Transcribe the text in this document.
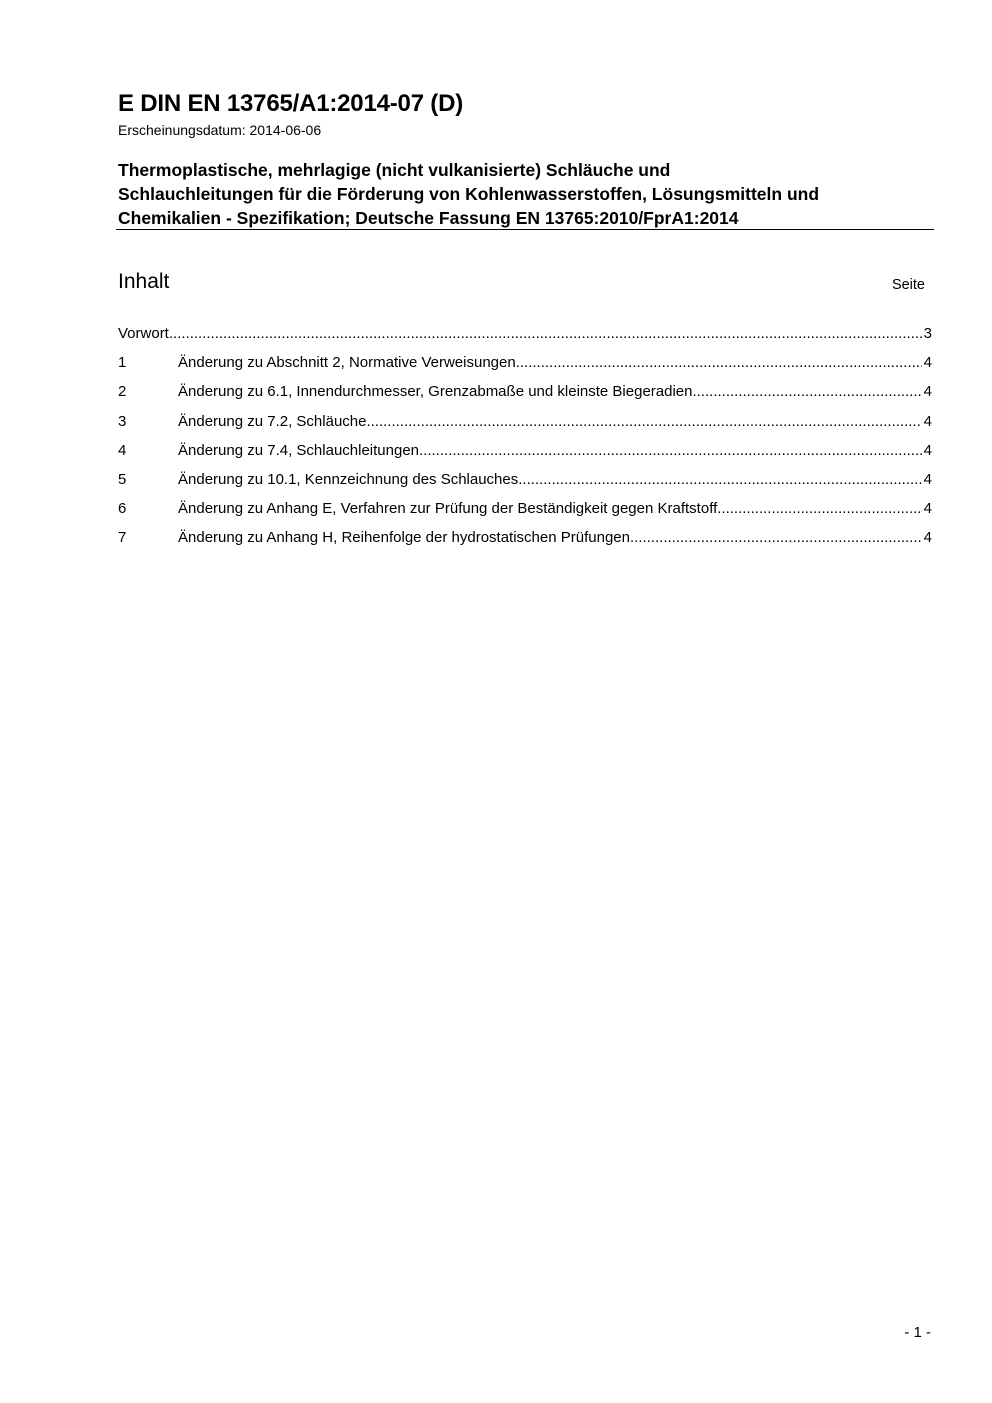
E DIN EN 13765/A1:2014-07 (D)
Erscheinungsdatum: 2014-06-06
Thermoplastische, mehrlagige (nicht vulkanisierte) Schläuche und
Schlauchleitungen für die Förderung von Kohlenwasserstoffen, Lösungsmitteln und
Chemikalien - Spezifikation; Deutsche Fassung EN 13765:2010/FprA1:2014
Inhalt	Seite
Vorwort .....	3
1	Änderung zu Abschnitt 2, Normative Verweisungen .....	4
2	Änderung zu 6.1, Innendurchmesser, Grenzabmaße und kleinste Biegeradien .....	4
3	Änderung zu 7.2, Schläuche .....	4
4	Änderung zu 7.4, Schlauchleitungen .....	4
5	Änderung zu 10.1, Kennzeichnung des Schlauches .....	4
6	Änderung zu Anhang E, Verfahren zur Prüfung der Beständigkeit gegen Kraftstoff .....	4
7	Änderung zu Anhang H, Reihenfolge der hydrostatischen Prüfungen .....	4
- 1 -
